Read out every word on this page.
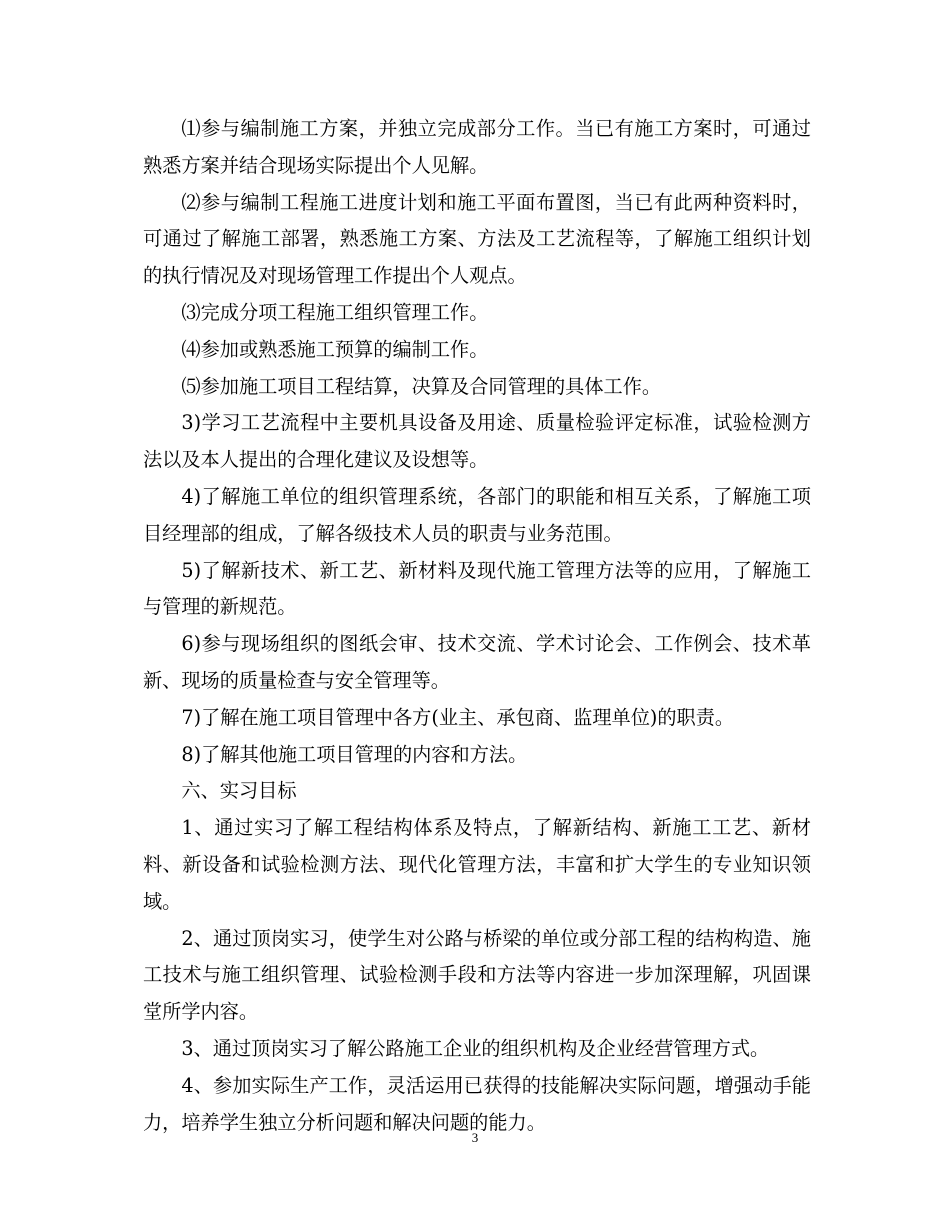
⑴参与编制施工方案，并独立完成部分工作。当已有施工方案时，可通过熟悉方案并结合现场实际提出个人见解。

⑵参与编制工程施工进度计划和施工平面布置图，当已有此两种资料时，可通过了解施工部署，熟悉施工方案、方法及工艺流程等，了解施工组织计划的执行情况及对现场管理工作提出个人观点。

⑶完成分项工程施工组织管理工作。

⑷参加或熟悉施工预算的编制工作。

⑸参加施工项目工程结算，决算及合同管理的具体工作。

3)学习工艺流程中主要机具设备及用途、质量检验评定标准，试验检测方法以及本人提出的合理化建议及设想等。

4)了解施工单位的组织管理系统，各部门的职能和相互关系，了解施工项目经理部的组成，了解各级技术人员的职责与业务范围。

5)了解新技术、新工艺、新材料及现代施工管理方法等的应用，了解施工与管理的新规范。

6)参与现场组织的图纸会审、技术交流、学术讨论会、工作例会、技术革新、现场的质量检查与安全管理等。

7)了解在施工项目管理中各方(业主、承包商、监理单位)的职责。

8)了解其他施工项目管理的内容和方法。

六、实习目标

1、通过实习了解工程结构体系及特点，了解新结构、新施工工艺、新材料、新设备和试验检测方法、现代化管理方法，丰富和扩大学生的专业知识领域。

2、通过顶岗实习，使学生对公路与桥梁的单位或分部工程的结构构造、施工技术与施工组织管理、试验检测手段和方法等内容进一步加深理解，巩固课堂所学内容。

3、通过顶岗实习了解公路施工企业的组织机构及企业经营管理方式。

4、参加实际生产工作，灵活运用已获得的技能解决实际问题，增强动手能力，培养学生独立分析问题和解决问题的能力。

3
